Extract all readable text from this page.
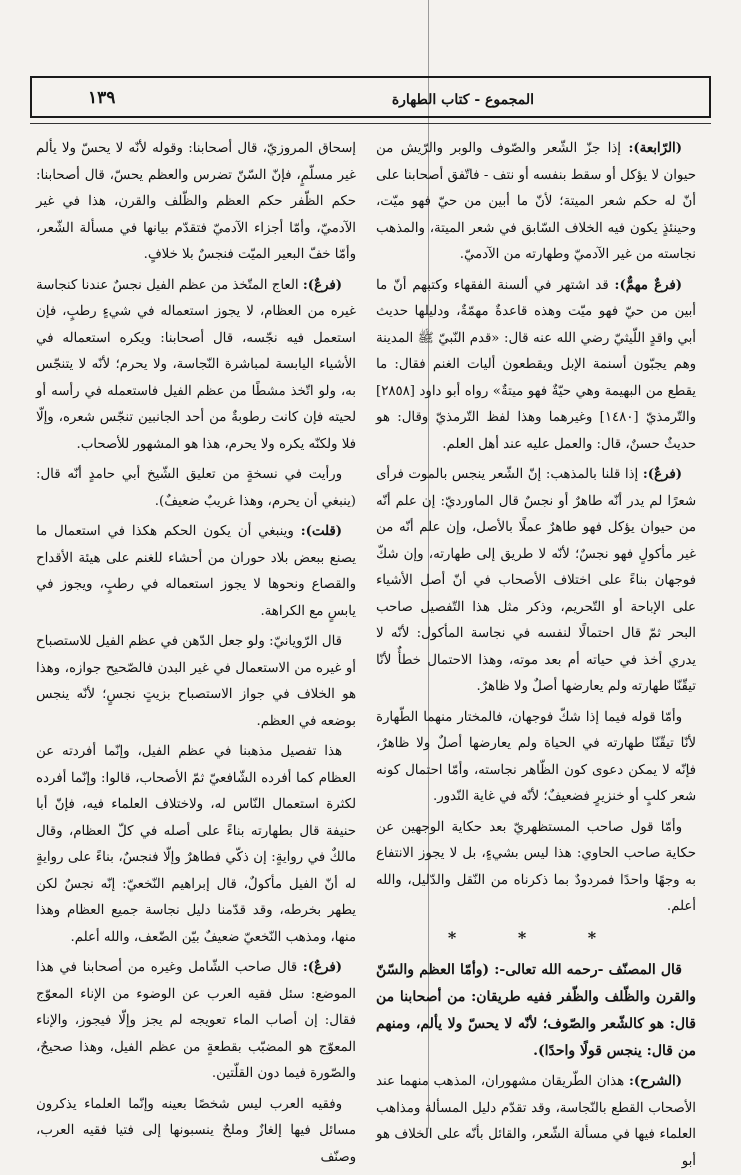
المجموع - كتاب الطهارة
١٣٩

(الرّابعة): إذا جزّ الشّعر والصّوف والوبر والرّيش من حيوان لا يؤكل أو سقط بنفسه أو نتف - فاتّفق أصحابنا على أنّ له حكم شعر الميتة؛ لأنّ ما أبين من حيّ فهو ميّت، وحينئذٍ يكون فيه الخلاف السّابق في شعر الميتة، والمذهب نجاسته من غير الآدميّ وطهارته من الآدميّ.

(فرعٌ مهمٌّ): قد اشتهر في ألسنة الفقهاء وكتبهم أنّ ما أبين من حيّ فهو ميّت وهذه قاعدةٌ مهمّةٌ، ودليلها حديث أبي واقدٍ اللّيثيّ رضي الله عنه قال: «قدم النّبيّ ﷺ المدينة وهم يجبّون أسنمة الإبل ويقطعون أليات الغنم فقال: ما يقطع من البهيمة وهي حيّةٌ فهو ميتةٌ» رواه أبو داود [٢٨٥٨] والتّرمذيّ [١٤٨٠] وغيرهما وهذا لفظ التّرمذيّ وقال: هو حديثٌ حسنٌ، قال: والعمل عليه عند أهل العلم.

(فرعٌ): إذا قلنا بالمذهب: إنّ الشّعر ينجس بالموت فرأى شعرًا لم يدر أنّه طاهرٌ أو نجسٌ قال الماورديّ: إن علم أنّه من حيوان يؤكل فهو طاهرٌ عملًا بالأصل، وإن علم أنّه من غير مأكولٍ فهو نجسٌ؛ لأنّه لا طريق إلى طهارته، وإن شكّ فوجهان بناءً على اختلاف الأصحاب في أنّ أصل الأشياء على الإباحة أو التّحريم، وذكر مثل هذا التّفصيل صاحب البحر ثمّ قال احتمالًا لنفسه في نجاسة المأكول: لأنّه لا يدري أخذ في حياته أم بعد موته، وهذا الاحتمال خطأٌ لأنّا تيقّنّا طهارته ولم يعارضها أصلٌ ولا ظاهرٌ.

وأمّا قوله فيما إذا شكّ فوجهان، فالمختار منهما الطّهارة لأنّا تيقّنّا طهارته في الحياة ولم يعارضها أصلٌ ولا ظاهرٌ، فإنّه لا يمكن دعوى كون الظّاهر نجاسته، وأمّا احتمال كونه شعر كلبٍ أو خنزيرٍ فضعيفٌ؛ لأنّه في غاية النّدور.

وأمّا قول صاحب المستظهريّ بعد حكاية الوجهين عن حكاية صاحب الحاوي: هذا ليس بشيءٍ، بل لا يجوز الانتفاع به وجهًا واحدًا فمردودٌ بما ذكرناه من النّقل والدّليل، والله أعلم.

* * *

قال المصنّف -رحمه الله تعالى-: (وأمّا العظم والسّنّ والقرن والظّلف والظّفر ففيه طريقان: من أصحابنا من قال: هو كالشّعر والصّوف؛ لأنّه لا يحسّ ولا يألم، ومنهم من قال: ينجس قولًا واحدًا).

(الشرح): هذان الطّريقان مشهوران، المذهب منهما عند الأصحاب القطع بالنّجاسة، وقد تقدّم دليل المسألة ومذاهب العلماء فيها في مسألة الشّعر، والقائل بأنّه على الخلاف هو أبو

إسحاق المروزيّ، قال أصحابنا: وقوله لأنّه لا يحسّ ولا يألم غير مسلّمٍ، فإنّ السّنّ تضرس والعظم يحسّ، قال أصحابنا: حكم الظّفر حكم العظم والظّلف والقرن، هذا في غير الآدميّ، وأمّا أجزاء الآدميّ فتقدّم بيانها في مسألة الشّعر، وأمّا خفّ البعير الميّت فنجسٌ بلا خلافٍ.

(فرعٌ): العاج المتّخذ من عظم الفيل نجسٌ عندنا كنجاسة غيره من العظام، لا يجوز استعماله في شيءٍ رطبٍ، فإن استعمل فيه نجّسه، قال أصحابنا: ويكره استعماله في الأشياء اليابسة لمباشرة النّجاسة، ولا يحرم؛ لأنّه لا يتنجّس به، ولو اتّخذ مشطًا من عظم الفيل فاستعمله في رأسه أو لحيته فإن كانت رطوبةٌ من أحد الجانبين تنجّس شعره، وإلّا فلا ولكنّه يكره ولا يحرم، هذا هو المشهور للأصحاب.

ورأيت في نسخةٍ من تعليق الشّيخ أبي حامدٍ أنّه قال: (ينبغي أن يحرم، وهذا غريبٌ ضعيفٌ).

(قلت): وينبغي أن يكون الحكم هكذا في استعمال ما يصنع ببعض بلاد حوران من أحشاء للغنم على هيئة الأقداح والقصاع ونحوها لا يجوز استعماله في رطبٍ، ويجوز في يابسٍ مع الكراهة.

قال الرّويانيّ: ولو جعل الدّهن في عظم الفيل للاستصباح أو غيره من الاستعمال في غير البدن فالصّحيح جوازه، وهذا هو الخلاف في جواز الاستصباح بزيتٍ نجسٍ؛ لأنّه ينجس بوضعه في العظم.

هذا تفصيل مذهبنا في عظم الفيل، وإنّما أفردته عن العظام كما أفرده الشّافعيّ ثمّ الأصحاب، قالوا: وإنّما أفرده لكثرة استعمال النّاس له، ولاختلاف العلماء فيه، فإنّ أبا حنيفة قال بطهارته بناءً على أصله في كلّ العظام، وقال مالكٌ في روايةٍ: إن ذكّي فطاهرٌ وإلّا فنجسٌ، بناءً على روايةٍ له أنّ الفيل مأكولٌ، قال إبراهيم النّخعيّ: إنّه نجسٌ لكن يطهر بخرطه، وقد قدّمنا دليل نجاسة جميع العظام وهذا منها، ومذهب النّخعيّ ضعيفٌ بيّن الضّعف، والله أعلم.

(فرعٌ): قال صاحب الشّامل وغيره من أصحابنا في هذا الموضع: سئل فقيه العرب عن الوضوء من الإناء المعوّج فقال: إن أصاب الماء تعويجه لم يجز وإلّا فيجوز، والإناء المعوّج هو المضبّب بقطعةٍ من عظم الفيل، وهذا صحيحٌ، والصّورة فيما دون القلّتين.

وفقيه العرب ليس شخصًا بعينه وإنّما العلماء يذكرون مسائل فيها إلغازٌ وملحٌ ينسبونها إلى فتيا فقيه العرب، وصنّف
